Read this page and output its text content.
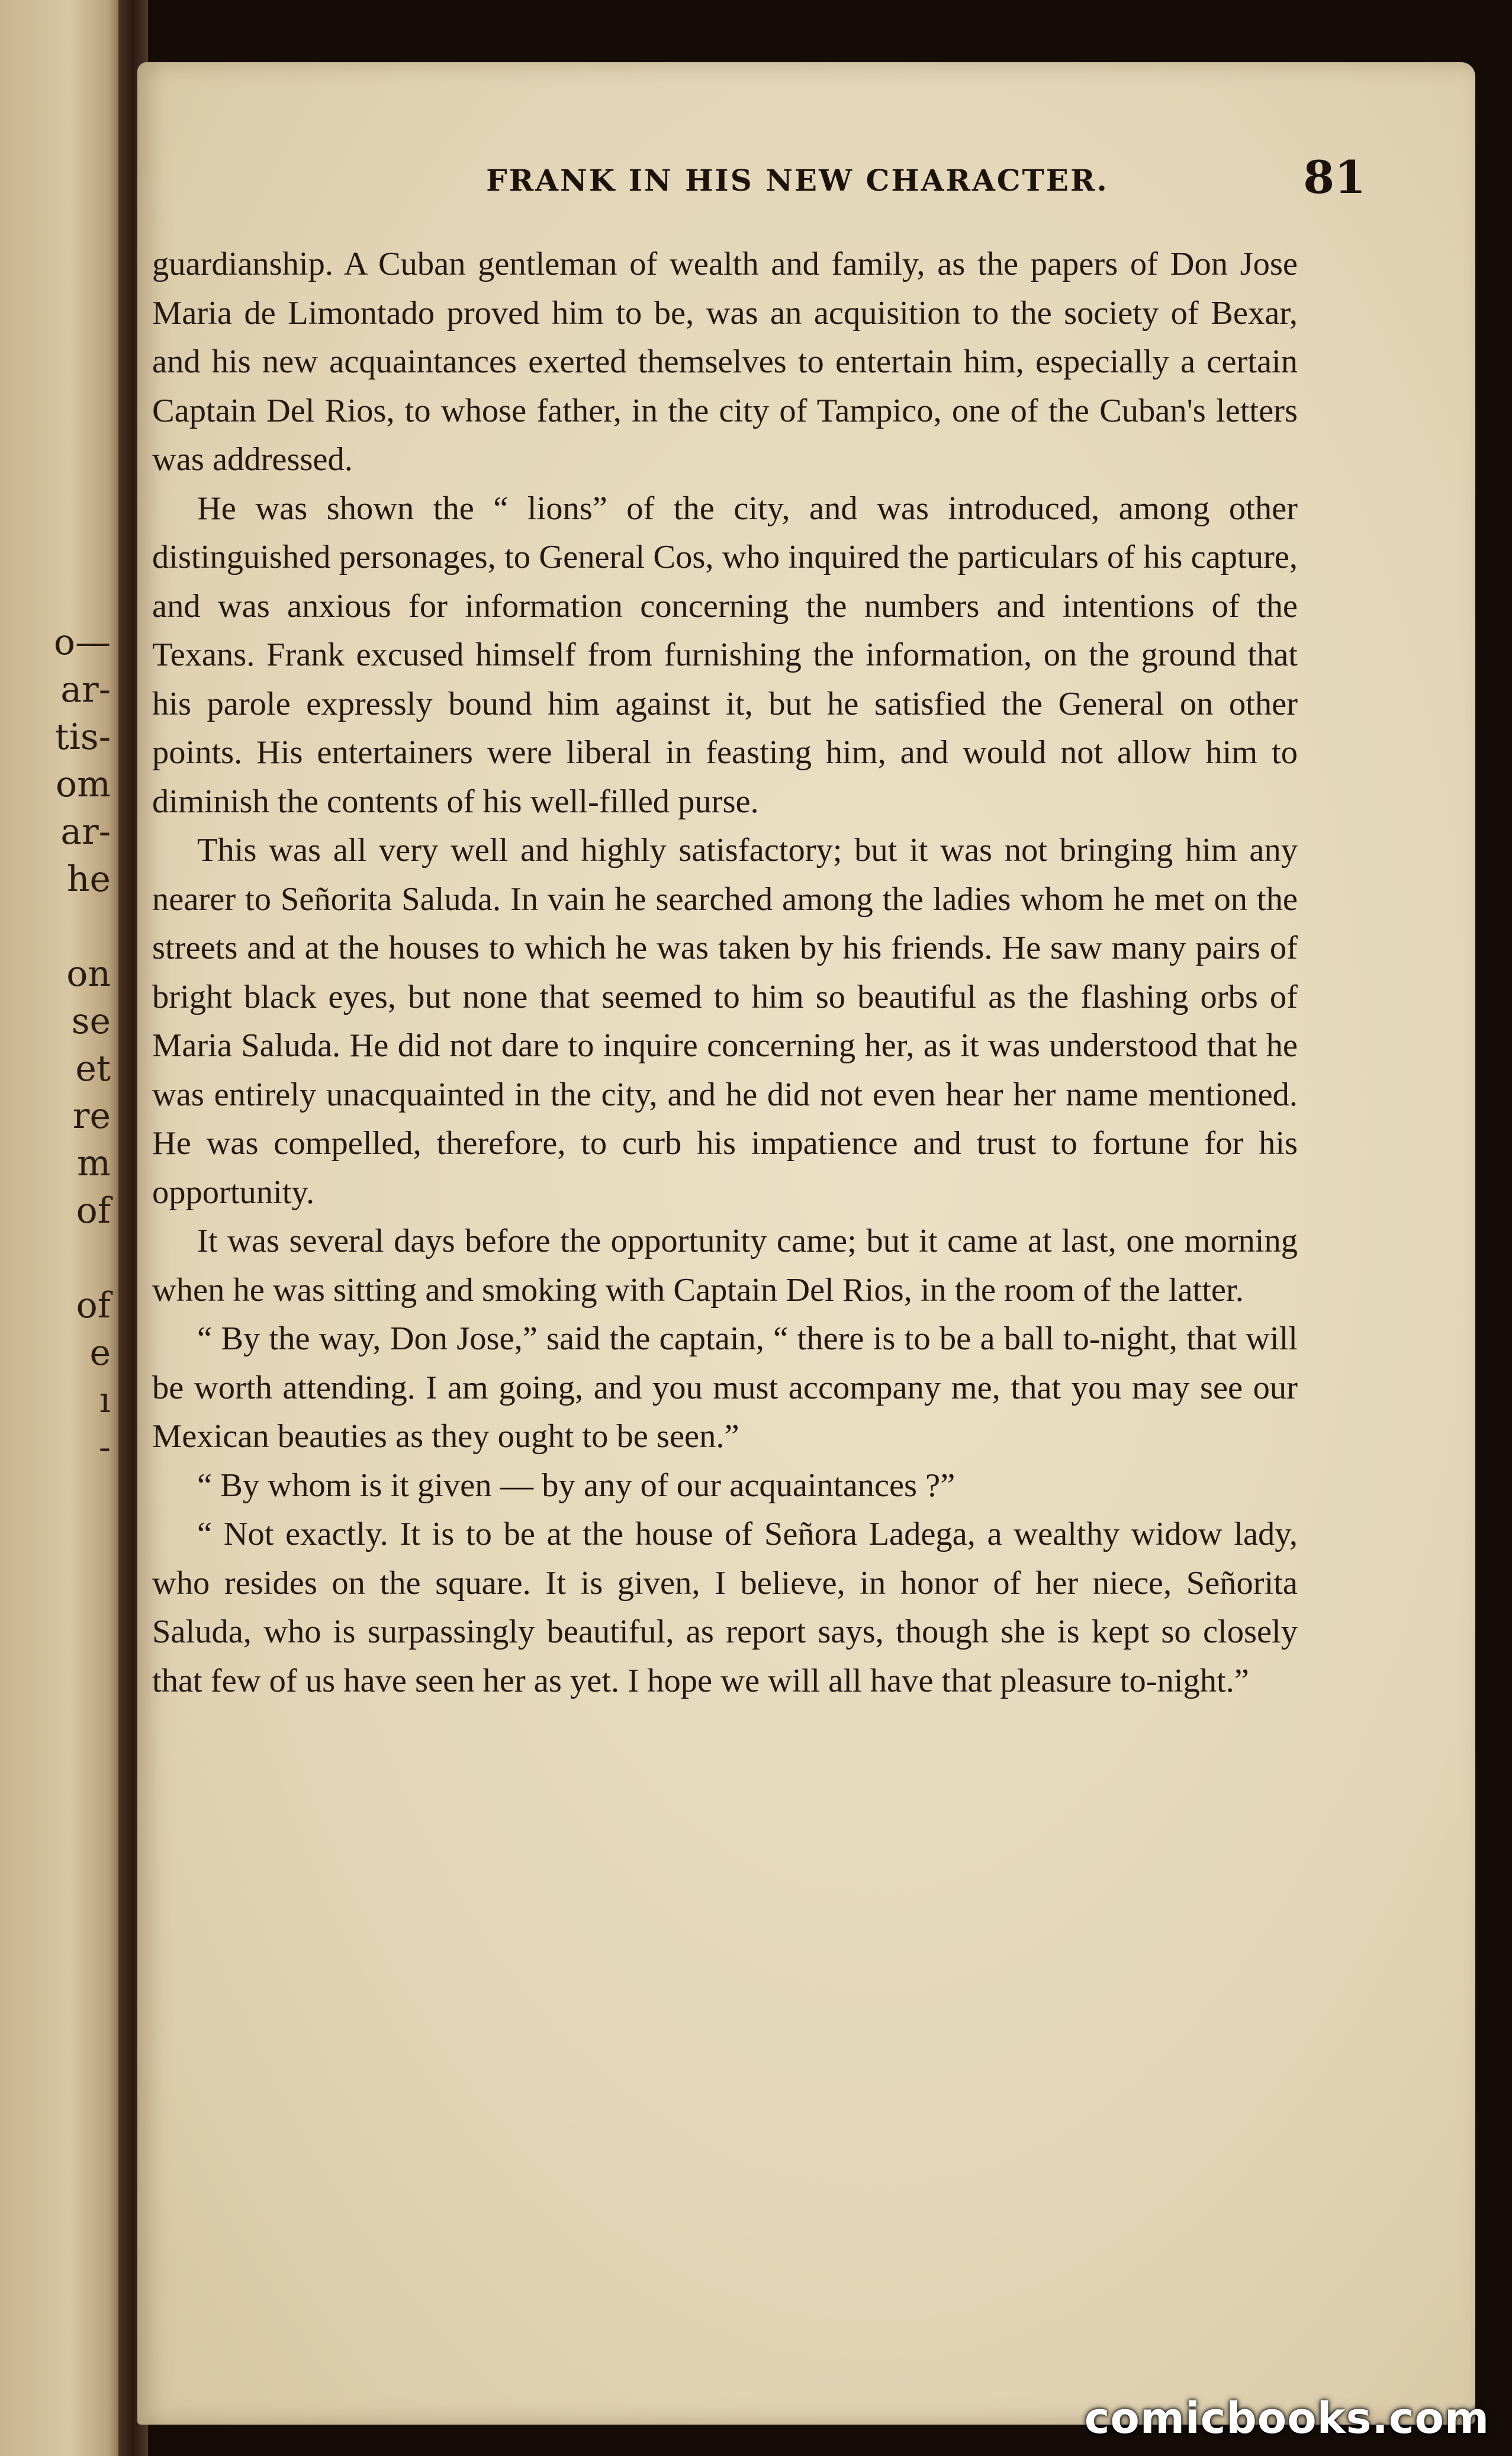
o—
ar-
tis-
om
ar-
he
on
se
et
re
m
of
of
e
ı
-
FRANK IN HIS NEW CHARACTER.	81

guardianship. A Cuban gentleman of wealth and family, as the papers of Don Jose Maria de Limontado proved him to be, was an acquisition to the society of Bexar, and his new acquaintances exerted themselves to entertain him, especially a certain Captain Del Rios, to whose father, in the city of Tampico, one of the Cuban's letters was addressed.

He was shown the “ lions” of the city, and was introduced, among other distinguished personages, to General Cos, who inquired the particulars of his capture, and was anxious for information concerning the numbers and intentions of the Texans. Frank excused himself from furnishing the information, on the ground that his parole expressly bound him against it, but he satisfied the General on other points. His entertainers were liberal in feasting him, and would not allow him to diminish the contents of his well-filled purse.

This was all very well and highly satisfactory; but it was not bringing him any nearer to Señorita Saluda. In vain he searched among the ladies whom he met on the streets and at the houses to which he was taken by his friends. He saw many pairs of bright black eyes, but none that seemed to him so beautiful as the flashing orbs of Maria Saluda. He did not dare to inquire concerning her, as it was understood that he was entirely unacquainted in the city, and he did not even hear her name mentioned. He was compelled, therefore, to curb his impatience and trust to fortune for his opportunity.

It was several days before the opportunity came; but it came at last, one morning when he was sitting and smoking with Captain Del Rios, in the room of the latter.

“ By the way, Don Jose,” said the captain, “ there is to be a ball to-night, that will be worth attending. I am going, and you must accompany me, that you may see our Mexican beauties as they ought to be seen.”

“ By whom is it given — by any of our acquaintances ?”

“ Not exactly. It is to be at the house of Señora Ladega, a wealthy widow lady, who resides on the square. It is given, I believe, in honor of her niece, Señorita Saluda, who is surpassingly beautiful, as report says, though she is kept so closely that few of us have seen her as yet. I hope we will all have that pleasure to-night.”

comicbooks.com
